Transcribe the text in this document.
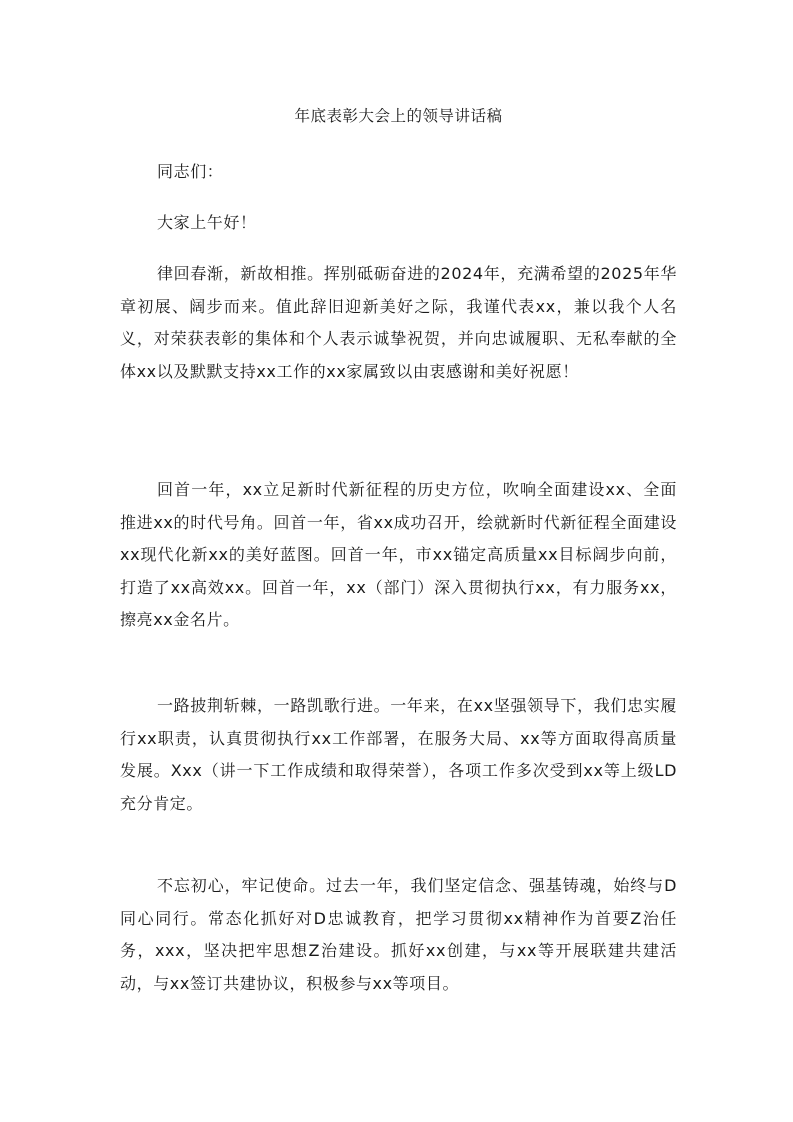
年底表彰大会上的领导讲话稿

同志们：

大家上午好！

律回春渐，新故相推。挥别砥砺奋进的2024年，充满希望的2025年华章初展、阔步而来。值此辞旧迎新美好之际，我谨代表xx，兼以我个人名义，对荣获表彰的集体和个人表示诚挚祝贺，并向忠诚履职、无私奉献的全体xx以及默默支持xx工作的xx家属致以由衷感谢和美好祝愿！

回首一年，xx立足新时代新征程的历史方位，吹响全面建设xx、全面推进xx的时代号角。回首一年，省xx成功召开，绘就新时代新征程全面建设xx现代化新xx的美好蓝图。回首一年，市xx锚定高质量xx目标阔步向前，打造了xx高效xx。回首一年，xx（部门）深入贯彻执行xx，有力服务xx，擦亮xx金名片。

一路披荆斩棘，一路凯歌行进。一年来，在xx坚强领导下，我们忠实履行xx职责，认真贯彻执行xx工作部署，在服务大局、xx等方面取得高质量发展。Xxx（讲一下工作成绩和取得荣誉），各项工作多次受到xx等上级LD充分肯定。

不忘初心，牢记使命。过去一年，我们坚定信念、强基铸魂，始终与D同心同行。常态化抓好对D忠诚教育，把学习贯彻xx精神作为首要Z治任务，xxx，坚决把牢思想Z治建设。抓好xx创建，与xx等开展联建共建活动，与xx签订共建协议，积极参与xx等项目。
